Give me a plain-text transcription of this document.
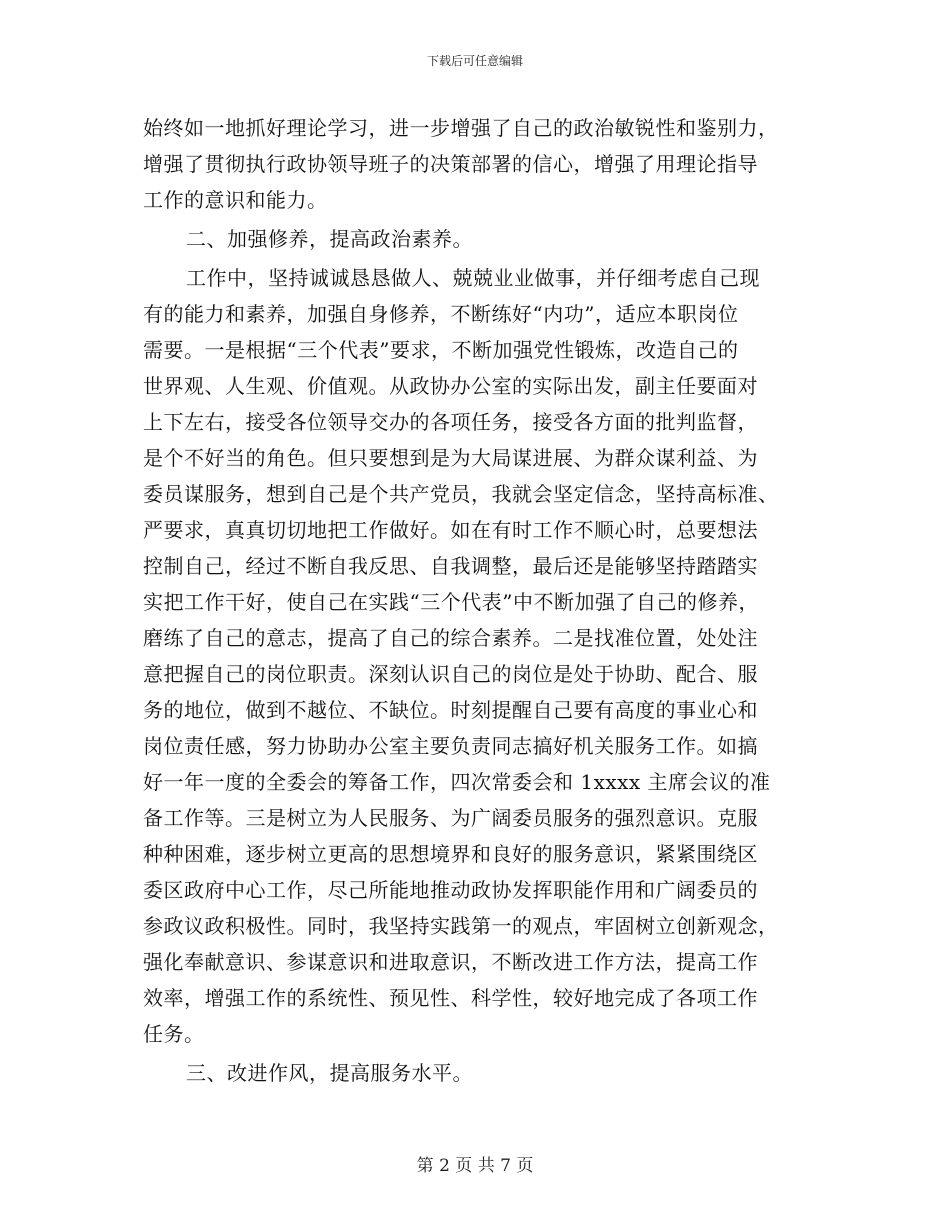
下载后可任意编辑
始终如一地抓好理论学习，进一步增强了自己的政治敏锐性和鉴别力，
增强了贯彻执行政协领导班子的决策部署的信心，增强了用理论指导
工作的意识和能力。
二、加强修养，提高政治素养。
工作中，坚持诚诚恳恳做人、兢兢业业做事，并仔细考虑自己现
有的能力和素养，加强自身修养，不断练好“内功”，适应本职岗位
需要。一是根据“三个代表”要求，不断加强党性锻炼，改造自己的
世界观、人生观、价值观。从政协办公室的实际出发，副主任要面对
上下左右，接受各位领导交办的各项任务，接受各方面的批判监督，
是个不好当的角色。但只要想到是为大局谋进展、为群众谋利益、为
委员谋服务，想到自己是个共产党员，我就会坚定信念，坚持高标准、
严要求，真真切切地把工作做好。如在有时工作不顺心时，总要想法
控制自己，经过不断自我反思、自我调整，最后还是能够坚持踏踏实
实把工作干好，使自己在实践“三个代表”中不断加强了自己的修养，
磨练了自己的意志，提高了自己的综合素养。二是找准位置，处处注
意把握自己的岗位职责。深刻认识自己的岗位是处于协助、配合、服
务的地位，做到不越位、不缺位。时刻提醒自己要有高度的事业心和
岗位责任感，努力协助办公室主要负责同志搞好机关服务工作。如搞
好一年一度的全委会的筹备工作，四次常委会和 1xxxx 主席会议的准
备工作等。三是树立为人民服务、为广阔委员服务的强烈意识。克服
种种困难，逐步树立更高的思想境界和良好的服务意识，紧紧围绕区
委区政府中心工作，尽己所能地推动政协发挥职能作用和广阔委员的
参政议政积极性。同时，我坚持实践第一的观点，牢固树立创新观念，
强化奉献意识、参谋意识和进取意识，不断改进工作方法，提高工作
效率，增强工作的系统性、预见性、科学性，较好地完成了各项工作
任务。
三、改进作风，提高服务水平。
第 2 页 共 7 页
